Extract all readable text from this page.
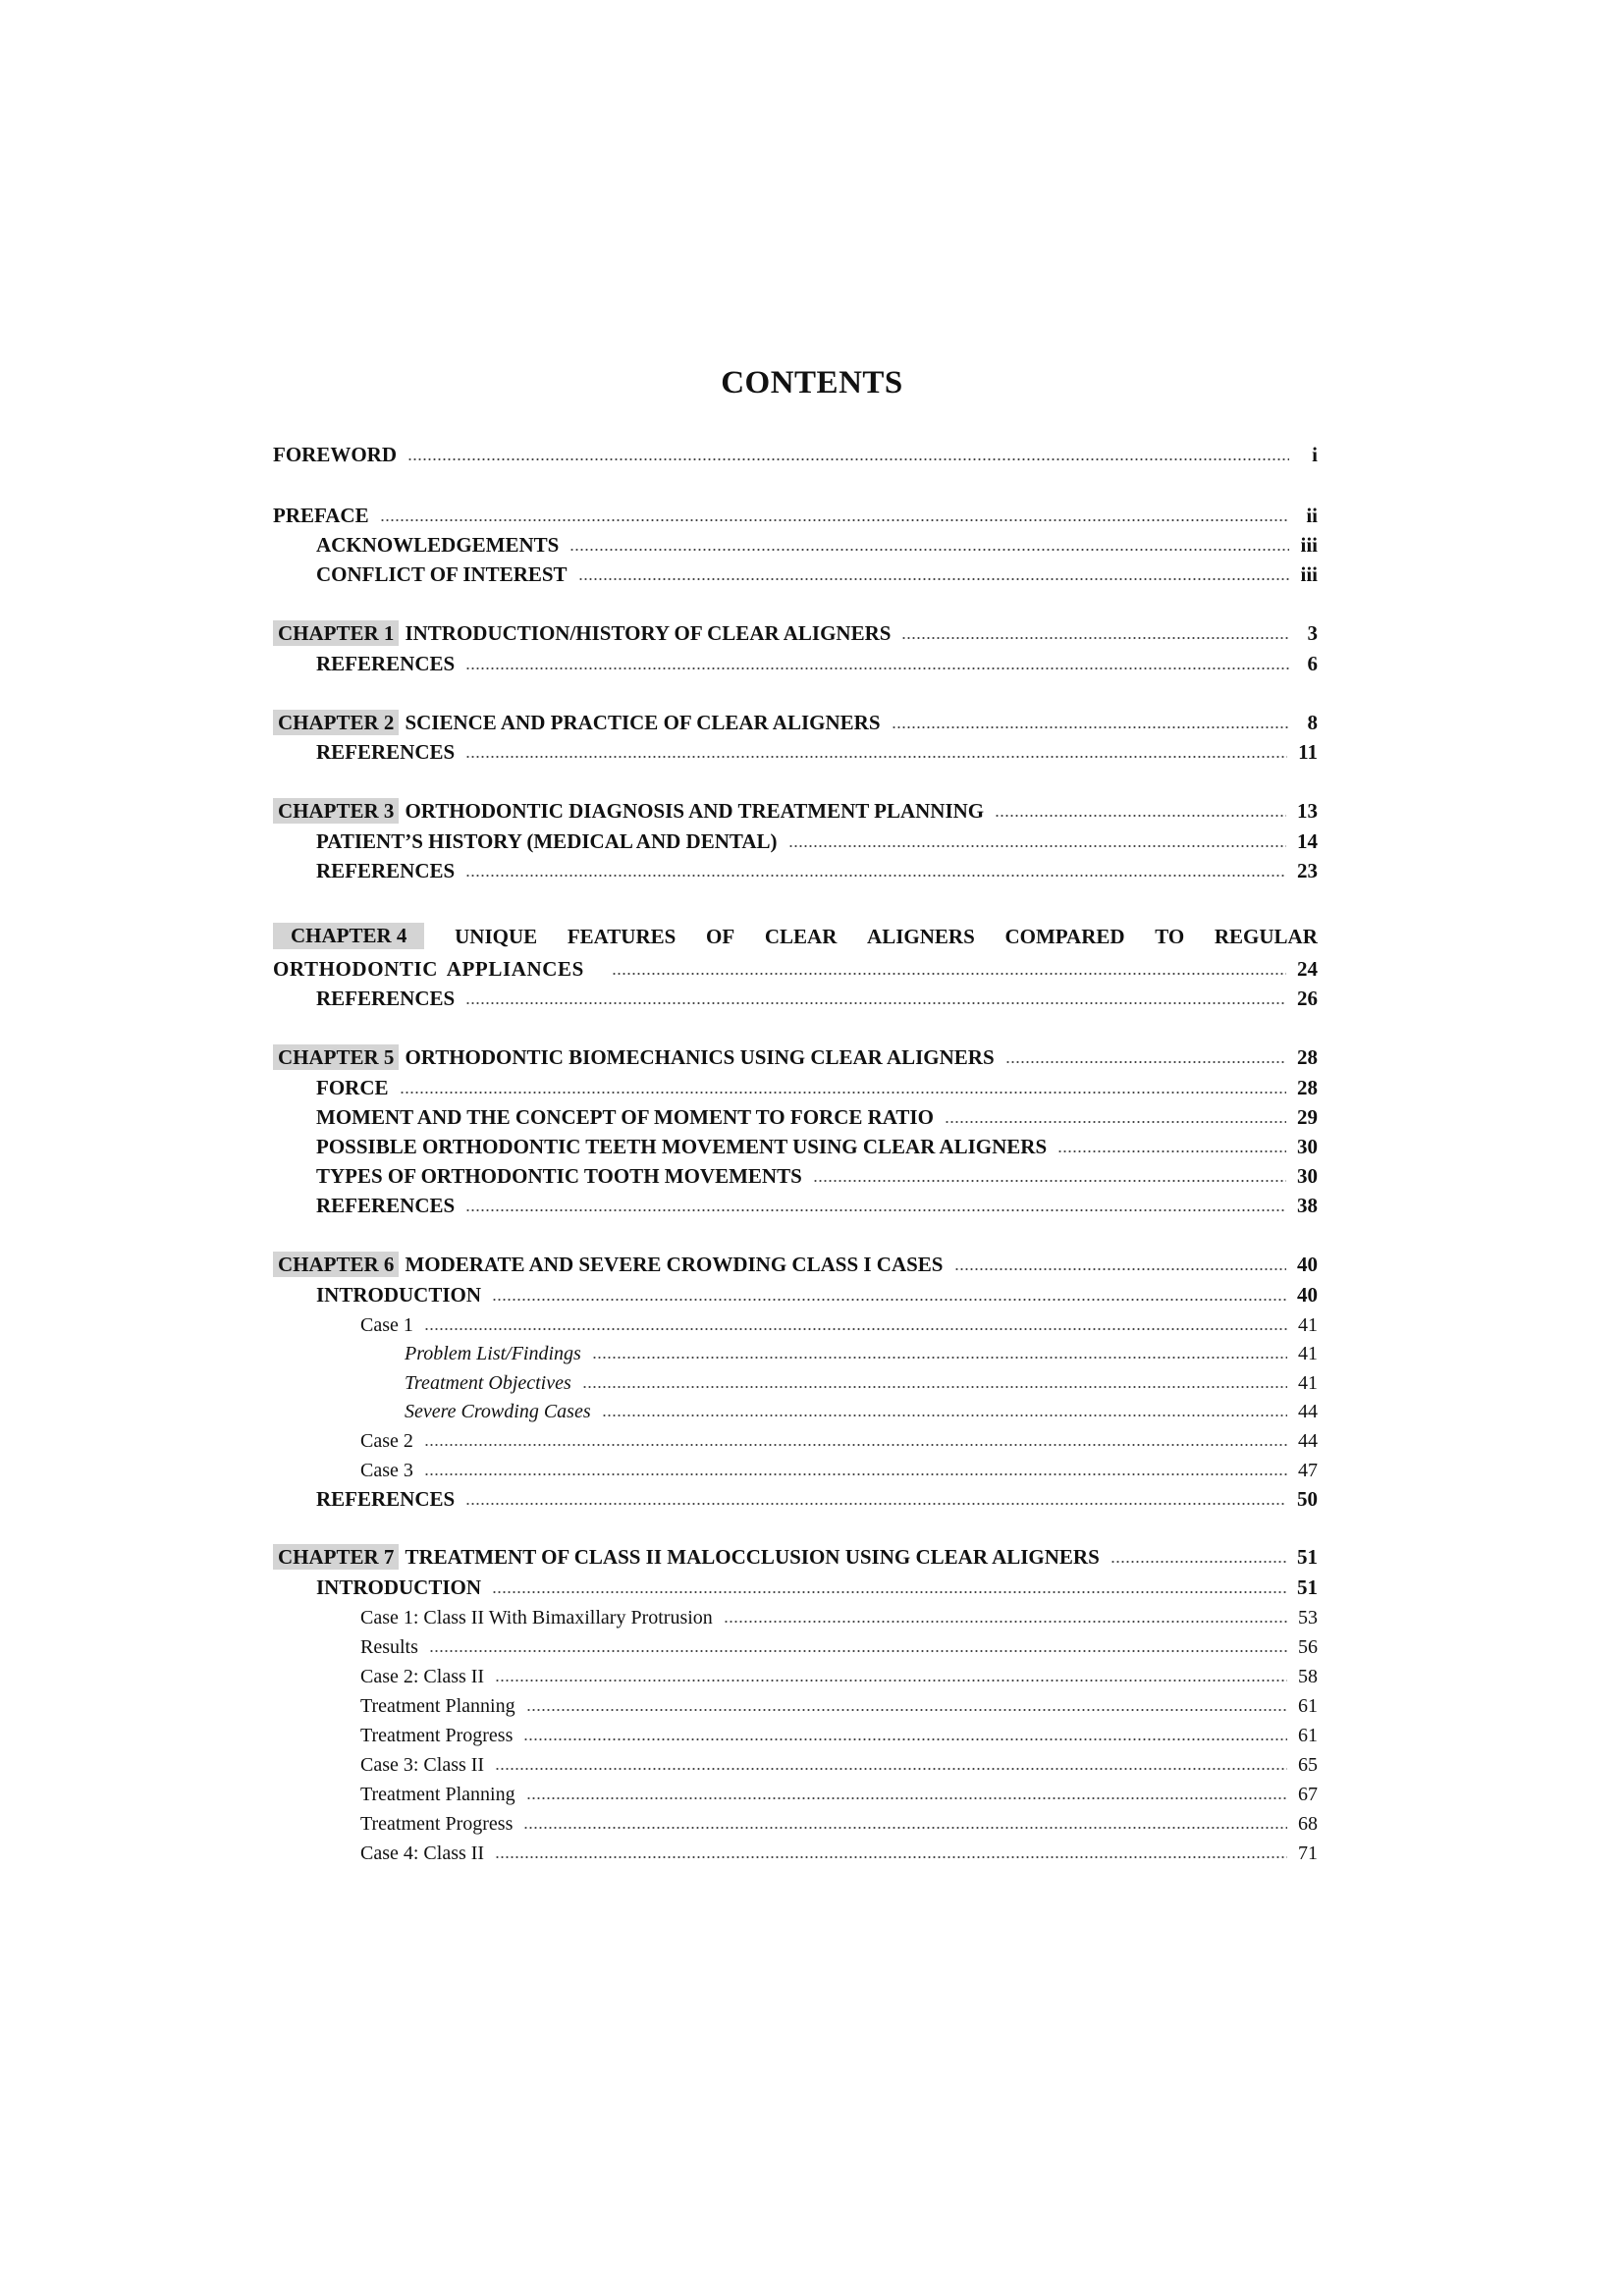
CONTENTS
FOREWORD	i
PREFACE	ii
ACKNOWLEDGEMENTS	iii
CONFLICT OF INTEREST	iii
CHAPTER 1 INTRODUCTION/HISTORY OF CLEAR ALIGNERS	3
REFERENCES	6
CHAPTER 2 SCIENCE AND PRACTICE OF CLEAR ALIGNERS	8
REFERENCES	11
CHAPTER 3 ORTHODONTIC DIAGNOSIS AND TREATMENT PLANNING	13
PATIENT’S HISTORY (MEDICAL AND DENTAL)	14
REFERENCES	23
CHAPTER 4	UNIQUE FEATURES OF CLEAR ALIGNERS COMPARED TO REGULAR
ORTHODONTIC APPLIANCES	24
REFERENCES	26
CHAPTER 5 ORTHODONTIC BIOMECHANICS USING CLEAR ALIGNERS	28
FORCE	28
MOMENT AND THE CONCEPT OF MOMENT TO FORCE RATIO	29
POSSIBLE ORTHODONTIC TEETH MOVEMENT USING CLEAR ALIGNERS	30
TYPES OF ORTHODONTIC TOOTH MOVEMENTS	30
REFERENCES	38
CHAPTER 6 MODERATE AND SEVERE CROWDING CLASS I CASES	40
INTRODUCTION	40
Case 1	41
Problem List/Findings	41
Treatment Objectives	41
Severe Crowding Cases	44
Case 2	44
Case 3	47
REFERENCES	50
CHAPTER 7 TREATMENT OF CLASS II MALOCCLUSION USING CLEAR ALIGNERS	51
INTRODUCTION	51
Case 1: Class II With Bimaxillary Protrusion	53
Results	56
Case 2: Class II	58
Treatment Planning	61
Treatment Progress	61
Case 3: Class II	65
Treatment Planning	67
Treatment Progress	68
Case 4: Class II	71
